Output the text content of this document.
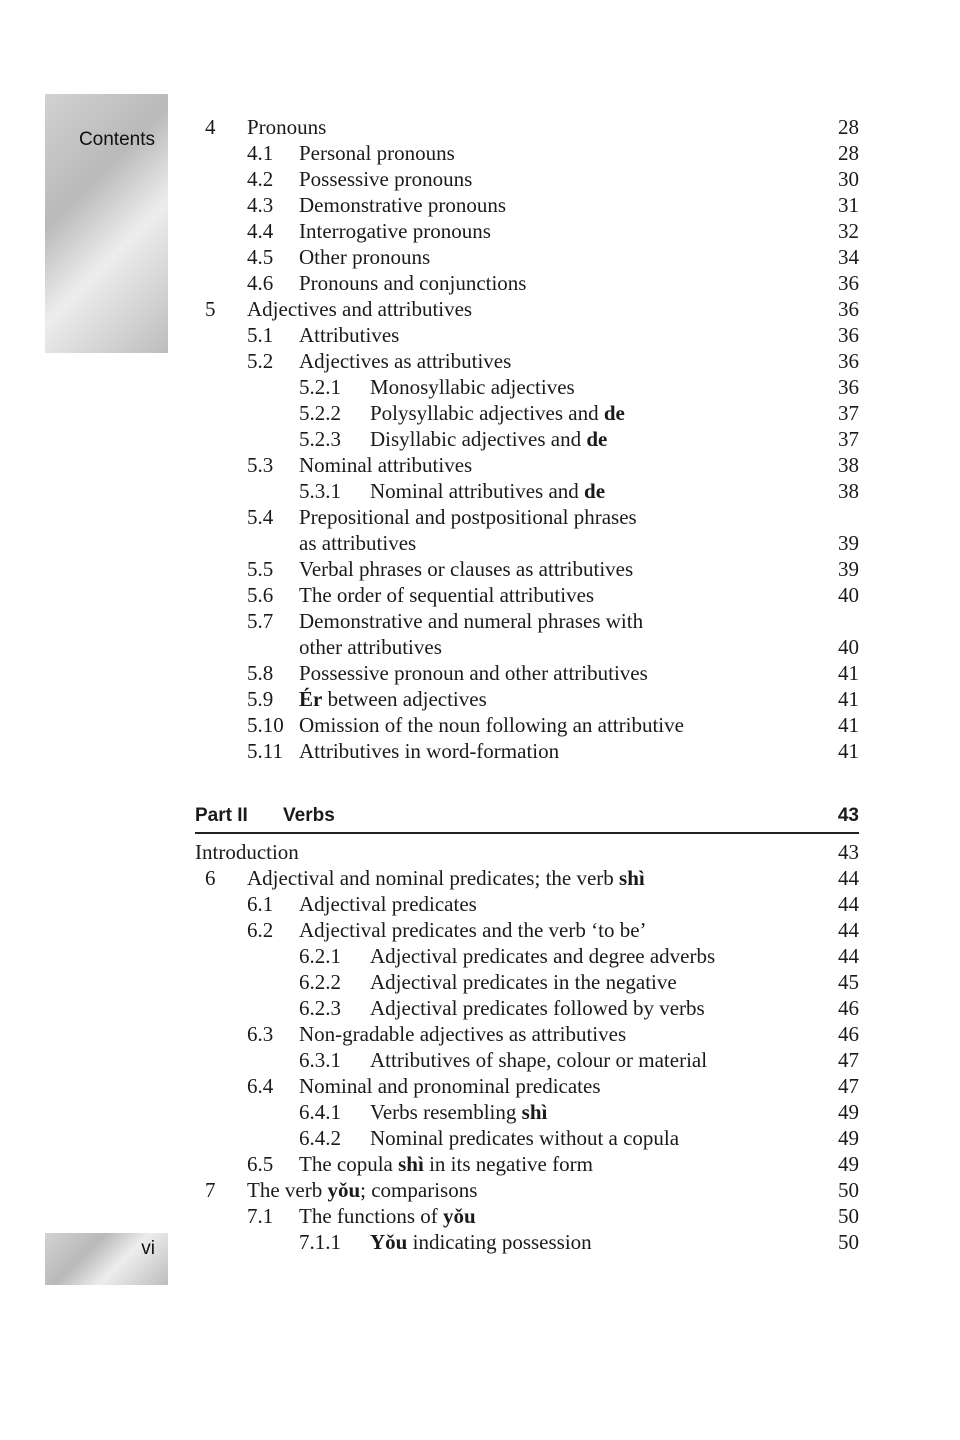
Contents
vi
4 Pronouns	28
4.1 Personal pronouns	28
4.2 Possessive pronouns	30
4.3 Demonstrative pronouns	31
4.4 Interrogative pronouns	32
4.5 Other pronouns	34
4.6 Pronouns and conjunctions	36
5 Adjectives and attributives	36
5.1 Attributives	36
5.2 Adjectives as attributives	36
5.2.1 Monosyllabic adjectives	36
5.2.2 Polysyllabic adjectives and de	37
5.2.3 Disyllabic adjectives and de	37
5.3 Nominal attributives	38
5.3.1 Nominal attributives and de	38
5.4 Prepositional and postpositional phrases
as attributives	39
5.5 Verbal phrases or clauses as attributives	39
5.6 The order of sequential attributives	40
5.7 Demonstrative and numeral phrases with
other attributives	40
5.8 Possessive pronoun and other attributives	41
5.9 Ér between adjectives	41
5.10 Omission of the noun following an attributive	41
5.11 Attributives in word-formation	41
Part II Verbs	43
Introduction	43
6 Adjectival and nominal predicates; the verb shì	44
6.1 Adjectival predicates	44
6.2 Adjectival predicates and the verb ‘to be’	44
6.2.1 Adjectival predicates and degree adverbs	44
6.2.2 Adjectival predicates in the negative	45
6.2.3 Adjectival predicates followed by verbs	46
6.3 Non-gradable adjectives as attributives	46
6.3.1 Attributives of shape, colour or material	47
6.4 Nominal and pronominal predicates	47
6.4.1 Verbs resembling shì	49
6.4.2 Nominal predicates without a copula	49
6.5 The copula shì in its negative form	49
7 The verb yǒu; comparisons	50
7.1 The functions of yǒu	50
7.1.1 Yǒu indicating possession	50
